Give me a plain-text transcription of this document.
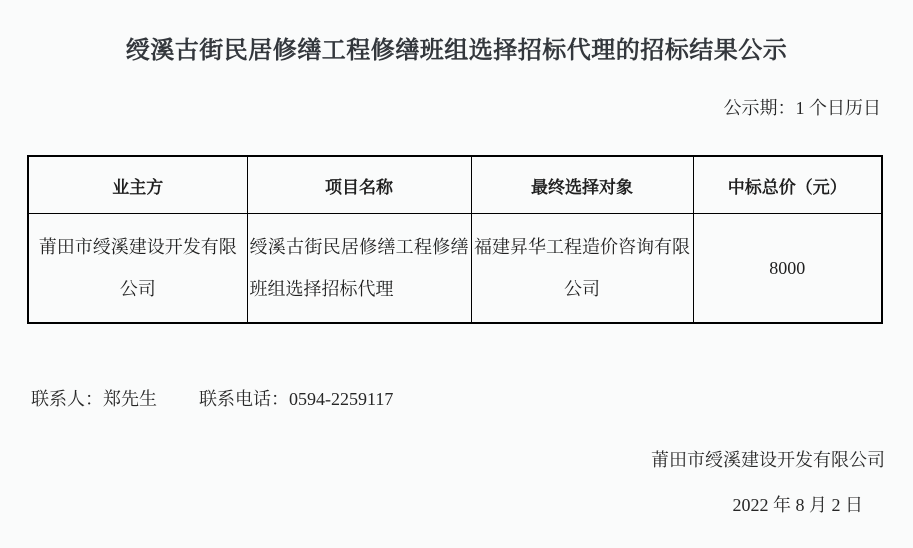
绶溪古街民居修缮工程修缮班组选择招标代理的招标结果公示
公示期：1 个日历日
业主方	项目名称	最终选择对象	中标总价（元）
莆田市绶溪建设开发有限公司	绶溪古街民居修缮工程修缮班组选择招标代理	福建昇华工程造价咨询有限公司	8000
联系人：郑先生 联系电话：0594-2259117
莆田市绶溪建设开发有限公司
2022 年 8 月 2 日
